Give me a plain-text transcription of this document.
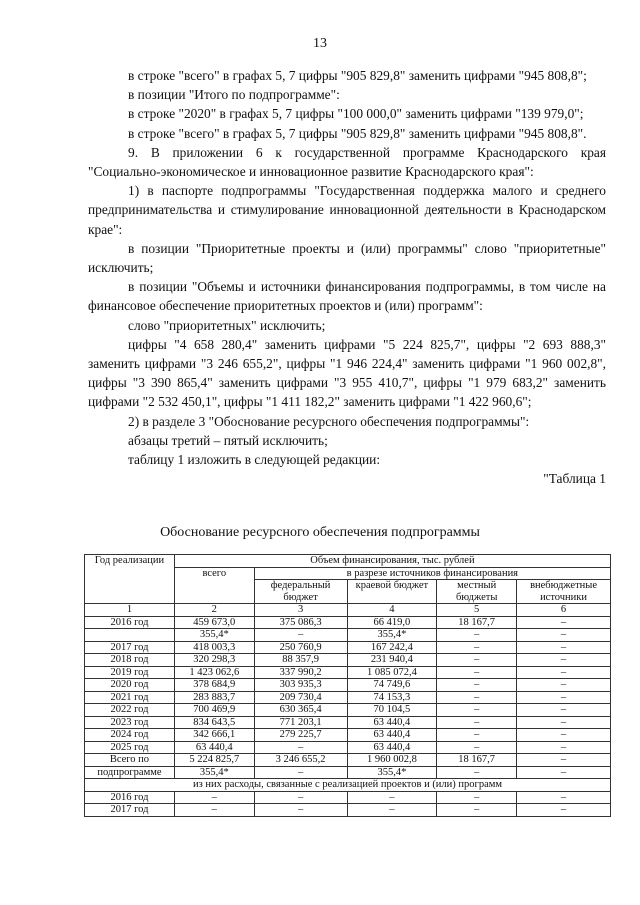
13

в строке "всего" в графах 5, 7 цифры "905 829,8" заменить цифрами "945 808,8";

в позиции "Итого по подпрограмме":

в строке "2020" в графах 5, 7 цифры "100 000,0" заменить цифрами "139 979,0";

в строке "всего" в графах 5, 7 цифры "905 829,8" заменить цифрами "945 808,8".

9. В приложении 6 к государственной программе Краснодарского края "Социально-экономическое и инновационное развитие Краснодарского края":

1) в паспорте подпрограммы "Государственная поддержка малого и среднего предпринимательства и стимулирование инновационной деятельности в Краснодарском крае":

в позиции "Приоритетные проекты и (или) программы" слово "приоритетные" исключить;

в позиции "Объемы и источники финансирования подпрограммы, в том числе на финансовое обеспечение приоритетных проектов и (или) программ":

слово "приоритетных" исключить;

цифры "4 658 280,4" заменить цифрами "5 224 825,7", цифры "2 693 888,3" заменить цифрами "3 246 655,2", цифры "1 946 224,4" заменить цифрами "1 960 002,8", цифры "3 390 865,4" заменить цифрами "3 955 410,7", цифры "1 979 683,2" заменить цифрами "2 532 450,1", цифры "1 411 182,2" заменить цифрами "1 422 960,6";

2) в разделе 3 "Обоснование ресурсного обеспечения подпрограммы":

абзацы третий – пятый исключить;

таблицу 1 изложить в следующей редакции:

"Таблица 1

Обоснование ресурсного обеспечения подпрограммы
Год реализации	Объем финансирования, тыс. рублей				
	всего	в разрезе источников финансирования			
		федеральный бюджет	краевой бюджет	местный бюджеты	внебюджетные источники
1	2	3	4	5	6
2016 год	459 673,0	375 086,3	66 419,0	18 167,7	–
	355,4*	–	355,4*	–	–
2017 год	418 003,3	250 760,9	167 242,4	–	–
2018 год	320 298,3	88 357,9	231 940,4	–	–
2019 год	1 423 062,6	337 990,2	1 085 072,4	–	–
2020 год	378 684,9	303 935,3	74 749,6	–	–
2021 год	283 883,7	209 730,4	74 153,3	–	–
2022 год	700 469,9	630 365,4	70 104,5	–	–
2023 год	834 643,5	771 203,1	63 440,4	–	–
2024 год	342 666,1	279 225,7	63 440,4	–	–
2025 год	63 440,4	–	63 440,4	–	–
Всего по	5 224 825,7	3 246 655,2	1 960 002,8	18 167,7	–
подпрограмме	355,4*	–	355,4*	–	–
из них расходы, связанные с реализацией проектов и (или) программ					
2016 год	–	–	–	–	–
2017 год	–	–	–	–	–
